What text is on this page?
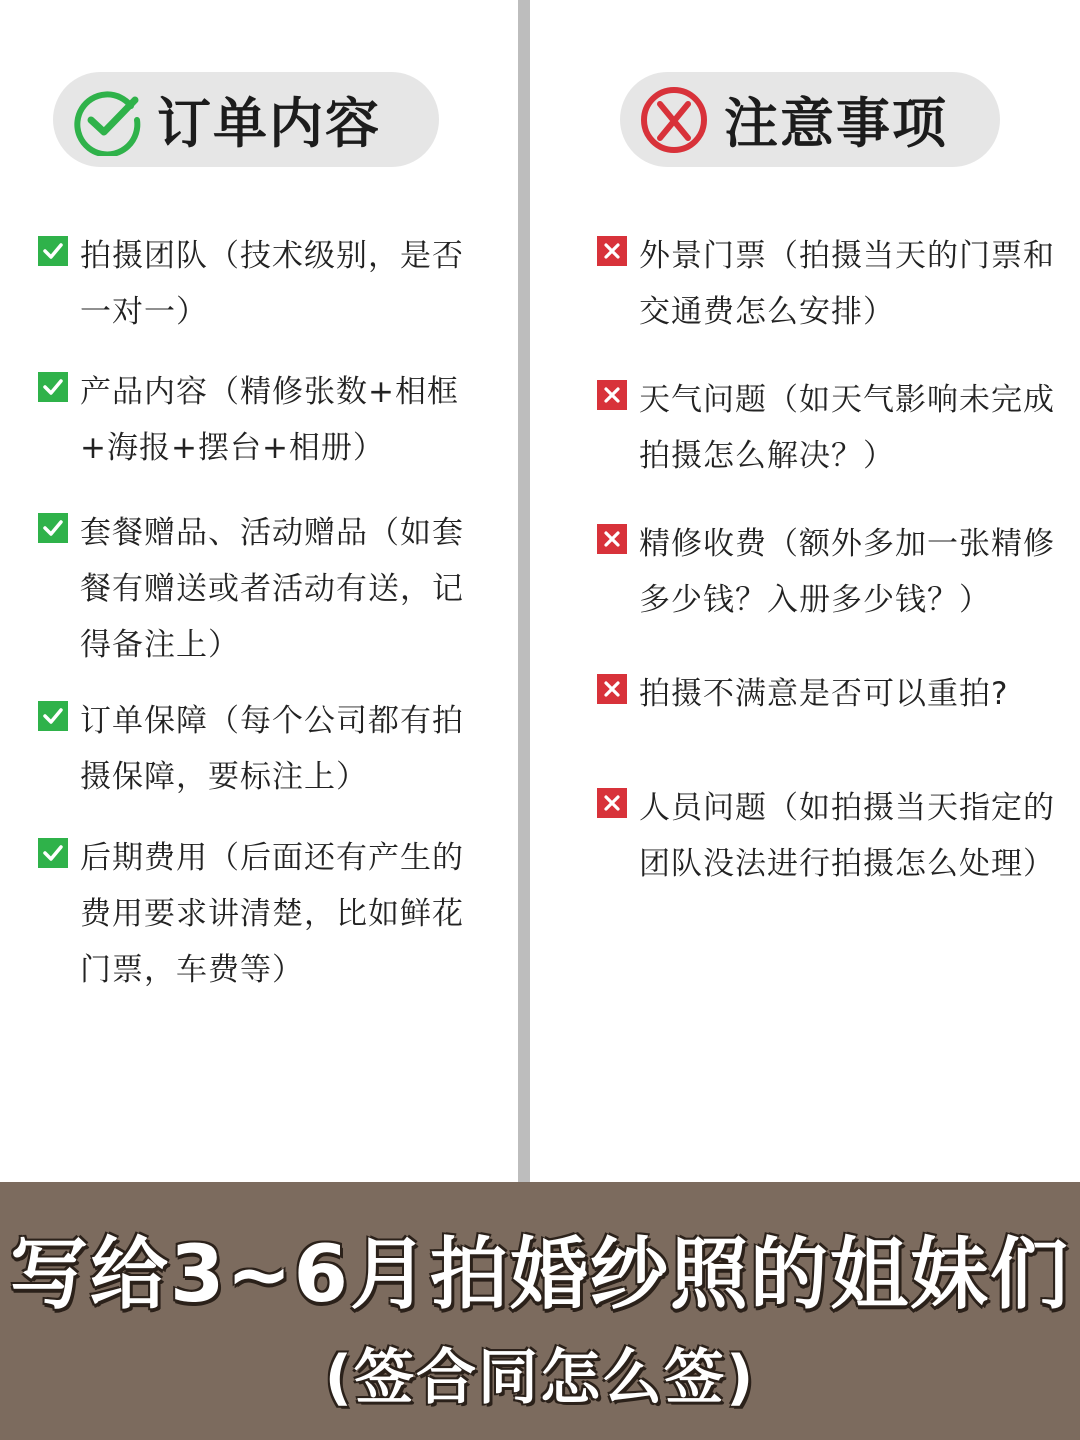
订单内容
拍摄团队（技术级别，是否一对一）
产品内容（精修张数+相框+海报+摆台+相册）
套餐赠品、活动赠品（如套餐有赠送或者活动有送，记得备注上）
订单保障（每个公司都有拍摄保障，要标注上）
后期费用（后面还有产生的费用要求讲清楚，比如鲜花门票，车费等）
注意事项
外景门票（拍摄当天的门票和交通费怎么安排）
天气问题（如天气影响未完成拍摄怎么解决？）
精修收费（额外多加一张精修多少钱？入册多少钱？）
拍摄不满意是否可以重拍?
人员问题（如拍摄当天指定的团队没法进行拍摄怎么处理）
写给3~6月拍婚纱照的姐妹们
(签合同怎么签)
